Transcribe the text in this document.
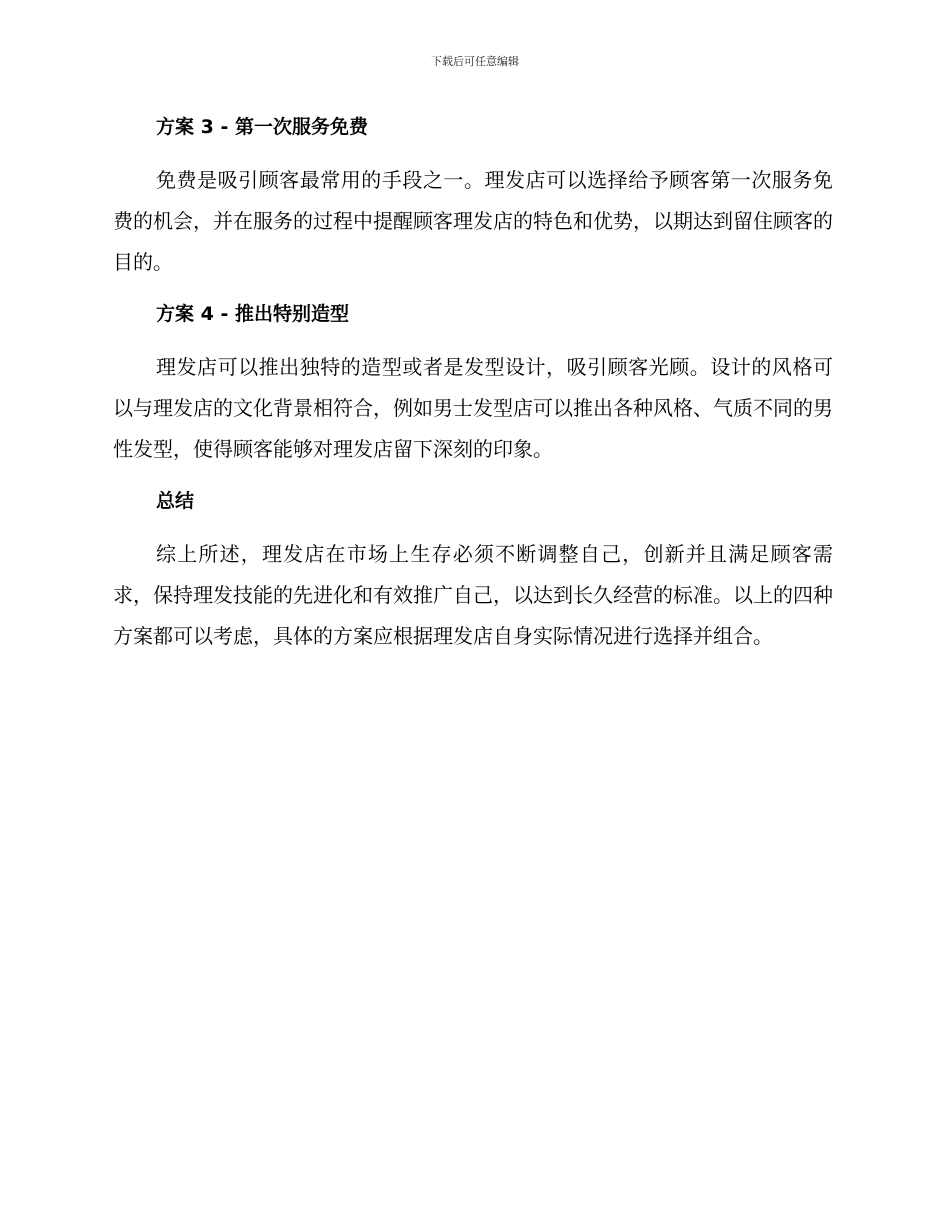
下载后可任意编辑
方案 3 - 第一次服务免费

免费是吸引顾客最常用的手段之一。理发店可以选择给予顾客第一次服务免费的机会，并在服务的过程中提醒顾客理发店的特色和优势，以期达到留住顾客的目的。

方案 4 - 推出特别造型

理发店可以推出独特的造型或者是发型设计，吸引顾客光顾。设计的风格可以与理发店的文化背景相符合，例如男士发型店可以推出各种风格、气质不同的男性发型，使得顾客能够对理发店留下深刻的印象。

总结

综上所述，理发店在市场上生存必须不断调整自己，创新并且满足顾客需求，保持理发技能的先进化和有效推广自己，以达到长久经营的标准。以上的四种方案都可以考虑，具体的方案应根据理发店自身实际情况进行选择并组合。
